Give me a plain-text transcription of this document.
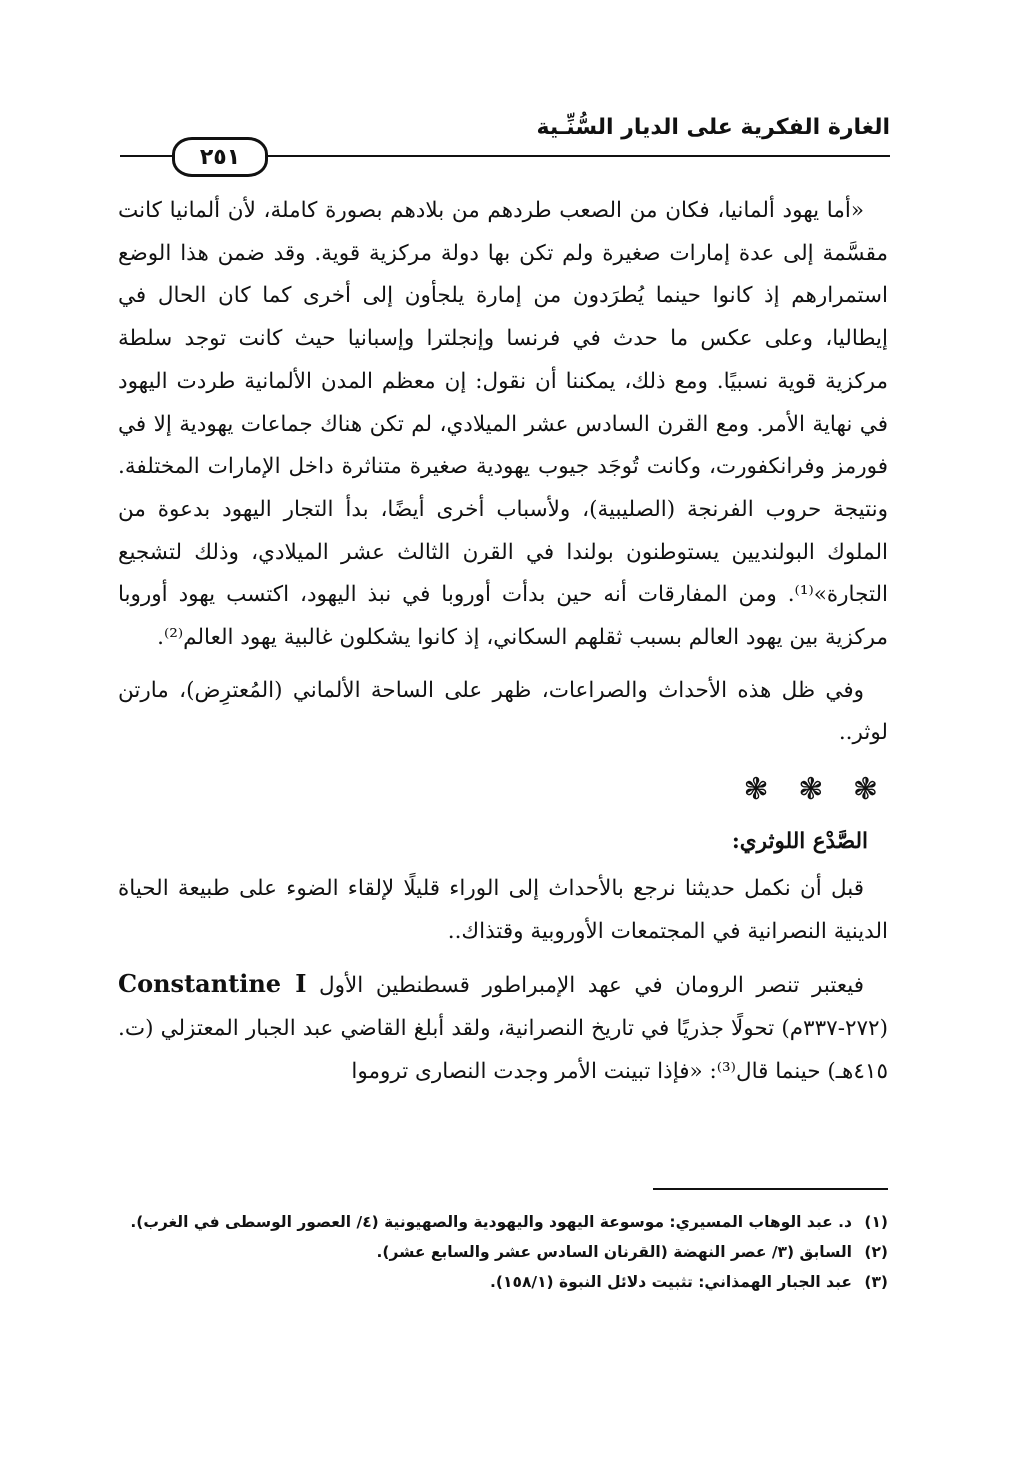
الغارة الفكرية على الديار السُّنِّـية
٢٥١

«أما يهود ألمانيا، فكان من الصعب طردهم من بلادهم بصورة كاملة، لأن ألمانيا كانت مقسَّمة إلى عدة إمارات صغيرة ولم تكن بها دولة مركزية قوية. وقد ضمن هذا الوضع استمرارهم إذ كانوا حينما يُطرَدون من إمارة يلجأون إلى أخرى كما كان الحال في إيطاليا، وعلى عكس ما حدث في فرنسا وإنجلترا وإسبانيا حيث كانت توجد سلطة مركزية قوية نسبيًا. ومع ذلك، يمكننا أن نقول: إن معظم المدن الألمانية طردت اليهود في نهاية الأمر. ومع القرن السادس عشر الميلادي، لم تكن هناك جماعات يهودية إلا في فورمز وفرانكفورت، وكانت تُوجَد جيوب يهودية صغيرة متناثرة داخل الإمارات المختلفة. ونتيجة حروب الفرنجة (الصليبية)، ولأسباب أخرى أيضًا، بدأ التجار اليهود بدعوة من الملوك البولنديين يستوطنون بولندا في القرن الثالث عشر الميلادي، وذلك لتشجيع التجارة»⁽¹⁾. ومن المفارقات أنه حين بدأت أوروبا في نبذ اليهود، اكتسب يهود أوروبا مركزية بين يهود العالم بسبب ثقلهم السكاني، إذ كانوا يشكلون غالبية يهود العالم⁽²⁾.

وفي ظل هذه الأحداث والصراعات، ظهر على الساحة الألماني (المُعترِض)، مارتن لوثر..

❃ ❃ ❃

الصَّدْع اللوثري:

قبل أن نكمل حديثنا نرجع بالأحداث إلى الوراء قليلًا لإلقاء الضوء على طبيعة الحياة الدينية النصرانية في المجتمعات الأوروبية وقتذاك..

فيعتبر تنصر الرومان في عهد الإمبراطور قسطنطين الأول Constantine I (٢٧٢-٣٣٧م) تحولًا جذريًا في تاريخ النصرانية، ولقد أبلغ القاضي عبد الجبار المعتزلي (ت. ٤١٥هـ) حينما قال⁽³⁾: «فإذا تبينت الأمر وجدت النصارى تروموا

(١)د. عبد الوهاب المسيري: موسوعة اليهود واليهودية والصهيونية (٤/ العصور الوسطى في الغرب).

(٢)السابق (٣/ عصر النهضة (القرنان السادس عشر والسابع عشر).

(٣)عبد الجبار الهمذاني: تثبيت دلائل النبوة (١٥٨/١).
